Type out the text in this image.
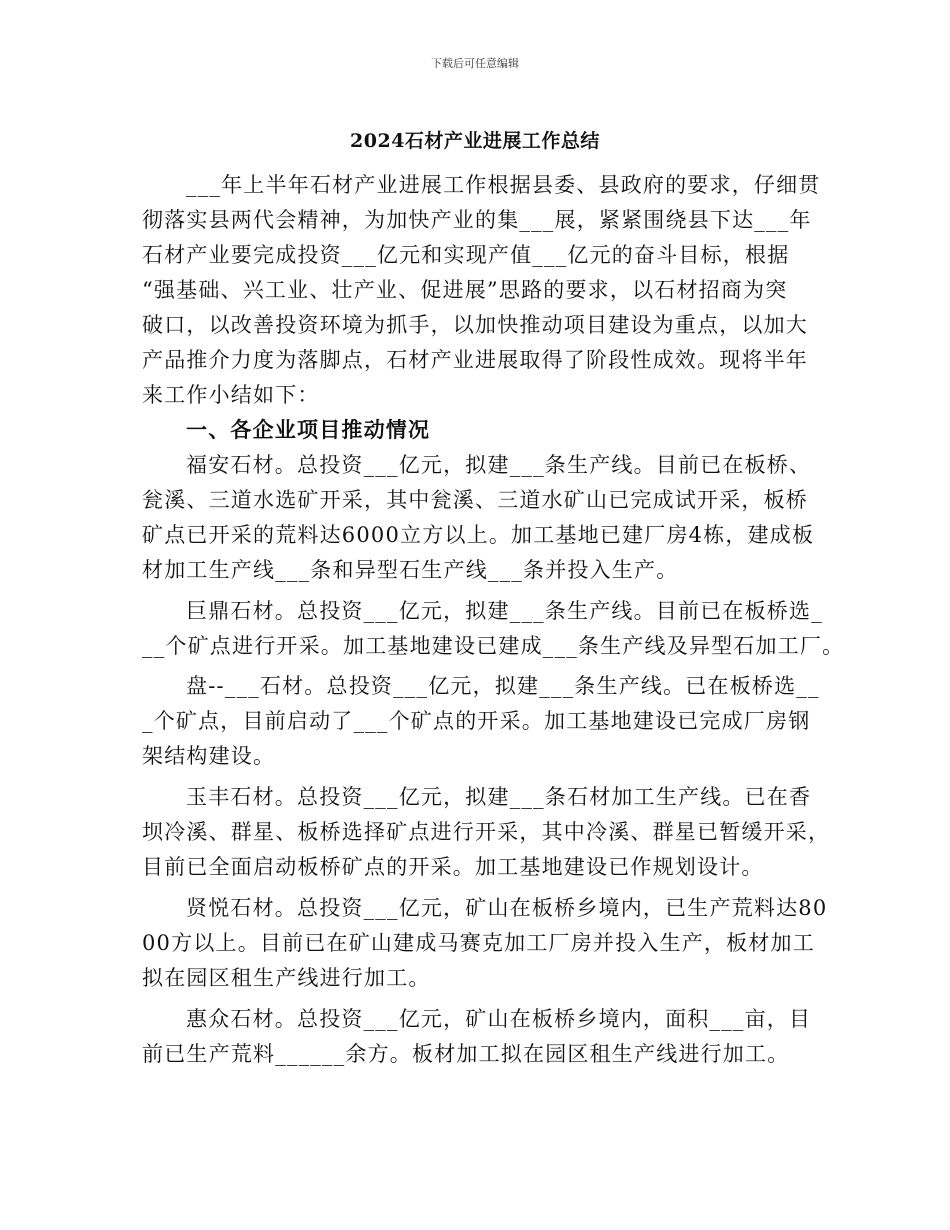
下载后可任意编辑
2024石材产业进展工作总结
___年上半年石材产业进展工作根据县委、县政府的要求，仔细贯
彻落实县两代会精神，为加快产业的集___展，紧紧围绕县下达___年
石材产业要完成投资___亿元和实现产值___亿元的奋斗目标，根据
“强基础、兴工业、壮产业、促进展”思路的要求，以石材招商为突
破口，以改善投资环境为抓手，以加快推动项目建设为重点，以加大
产品推介力度为落脚点，石材产业进展取得了阶段性成效。现将半年
来工作小结如下：
一、各企业项目推动情况
福安石材。总投资___亿元，拟建___条生产线。目前已在板桥、
瓮溪、三道水选矿开采，其中瓮溪、三道水矿山已完成试开采，板桥
矿点已开采的荒料达6000立方以上。加工基地已建厂房4栋，建成板
材加工生产线___条和异型石生产线___条并投入生产。
巨鼎石材。总投资___亿元，拟建___条生产线。目前已在板桥选_
__个矿点进行开采。加工基地建设已建成___条生产线及异型石加工厂。
盘--___石材。总投资___亿元，拟建___条生产线。已在板桥选__
_个矿点，目前启动了___个矿点的开采。加工基地建设已完成厂房钢
架结构建设。
玉丰石材。总投资___亿元，拟建___条石材加工生产线。已在香
坝冷溪、群星、板桥选择矿点进行开采，其中冷溪、群星已暂缓开采，
目前已全面启动板桥矿点的开采。加工基地建设已作规划设计。
贤悦石材。总投资___亿元，矿山在板桥乡境内，已生产荒料达80
00方以上。目前已在矿山建成马赛克加工厂房并投入生产，板材加工
拟在园区租生产线进行加工。
惠众石材。总投资___亿元，矿山在板桥乡境内，面积___亩，目
前已生产荒料______余方。板材加工拟在园区租生产线进行加工。
